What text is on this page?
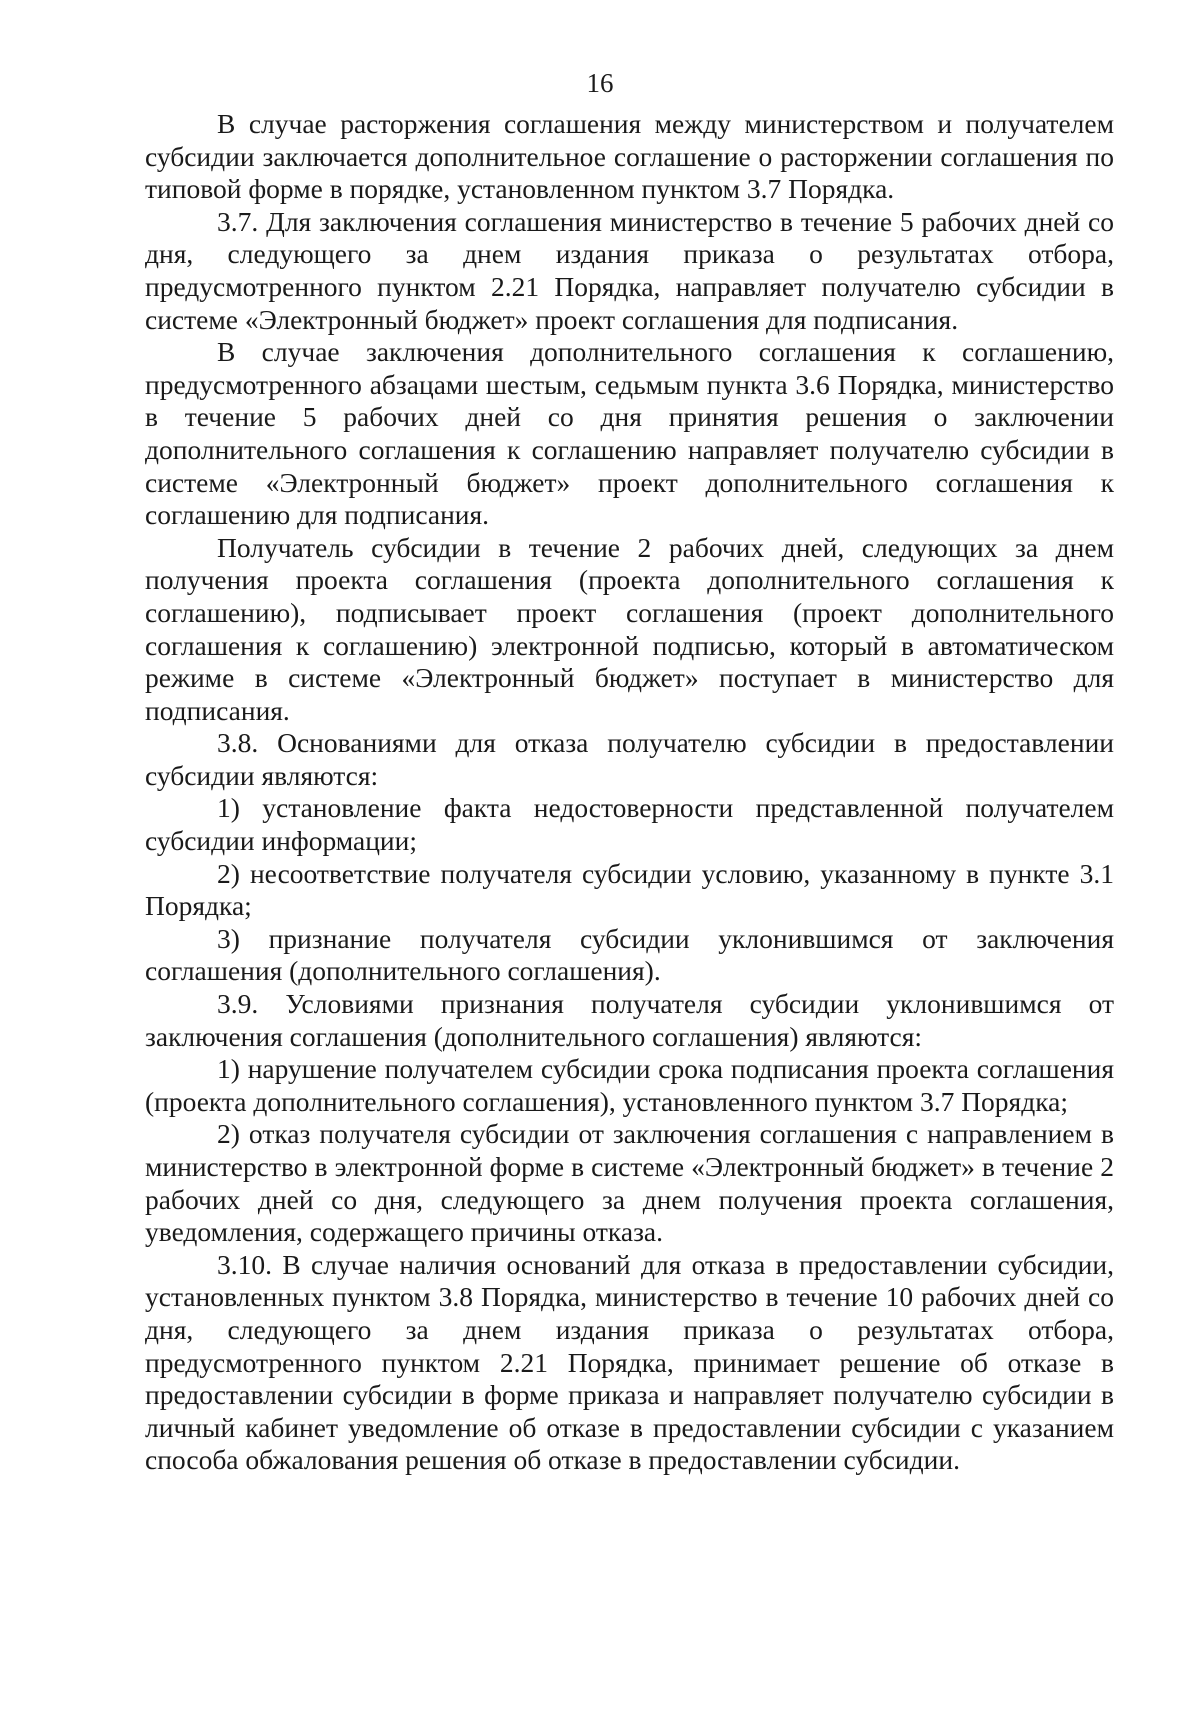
16

В случае расторжения соглашения между министерством и получателем субсидии заключается дополнительное соглашение о расторжении соглашения по типовой форме в порядке, установленном пунктом 3.7 Порядка.

3.7. Для заключения соглашения министерство в течение 5 рабочих дней со дня, следующего за днем издания приказа о результатах отбора, предусмотренного пунктом 2.21 Порядка, направляет получателю субсидии в системе «Электронный бюджет» проект соглашения для подписания.

В случае заключения дополнительного соглашения к соглашению, предусмотренного абзацами шестым, седьмым пункта 3.6 Порядка, министерство в течение 5 рабочих дней со дня принятия решения о заключении дополнительного соглашения к соглашению направляет получателю субсидии в системе «Электронный бюджет» проект дополнительного соглашения к соглашению для подписания.

Получатель субсидии в течение 2 рабочих дней, следующих за днем получения проекта соглашения (проекта дополнительного соглашения к соглашению), подписывает проект соглашения (проект дополнительного соглашения к соглашению) электронной подписью, который в автоматическом режиме в системе «Электронный бюджет» поступает в министерство для подписания.

3.8. Основаниями для отказа получателю субсидии в предоставлении субсидии являются:

1) установление факта недостоверности представленной получателем субсидии информации;

2) несоответствие получателя субсидии условию, указанному в пункте 3.1 Порядка;

3) признание получателя субсидии уклонившимся от заключения соглашения (дополнительного соглашения).

3.9. Условиями признания получателя субсидии уклонившимся от заключения соглашения (дополнительного соглашения) являются:

1) нарушение получателем субсидии срока подписания проекта соглашения (проекта дополнительного соглашения), установленного пунктом 3.7 Порядка;

2) отказ получателя субсидии от заключения соглашения с направлением в министерство в электронной форме в системе «Электронный бюджет» в течение 2 рабочих дней со дня, следующего за днем получения проекта соглашения, уведомления, содержащего причины отказа.

3.10. В случае наличия оснований для отказа в предоставлении субсидии, установленных пунктом 3.8 Порядка, министерство в течение 10 рабочих дней со дня, следующего за днем издания приказа о результатах отбора, предусмотренного пунктом 2.21 Порядка, принимает решение об отказе в предоставлении субсидии в форме приказа и направляет получателю субсидии в личный кабинет уведомление об отказе в предоставлении субсидии с указанием способа обжалования решения об отказе в предоставлении субсидии.
